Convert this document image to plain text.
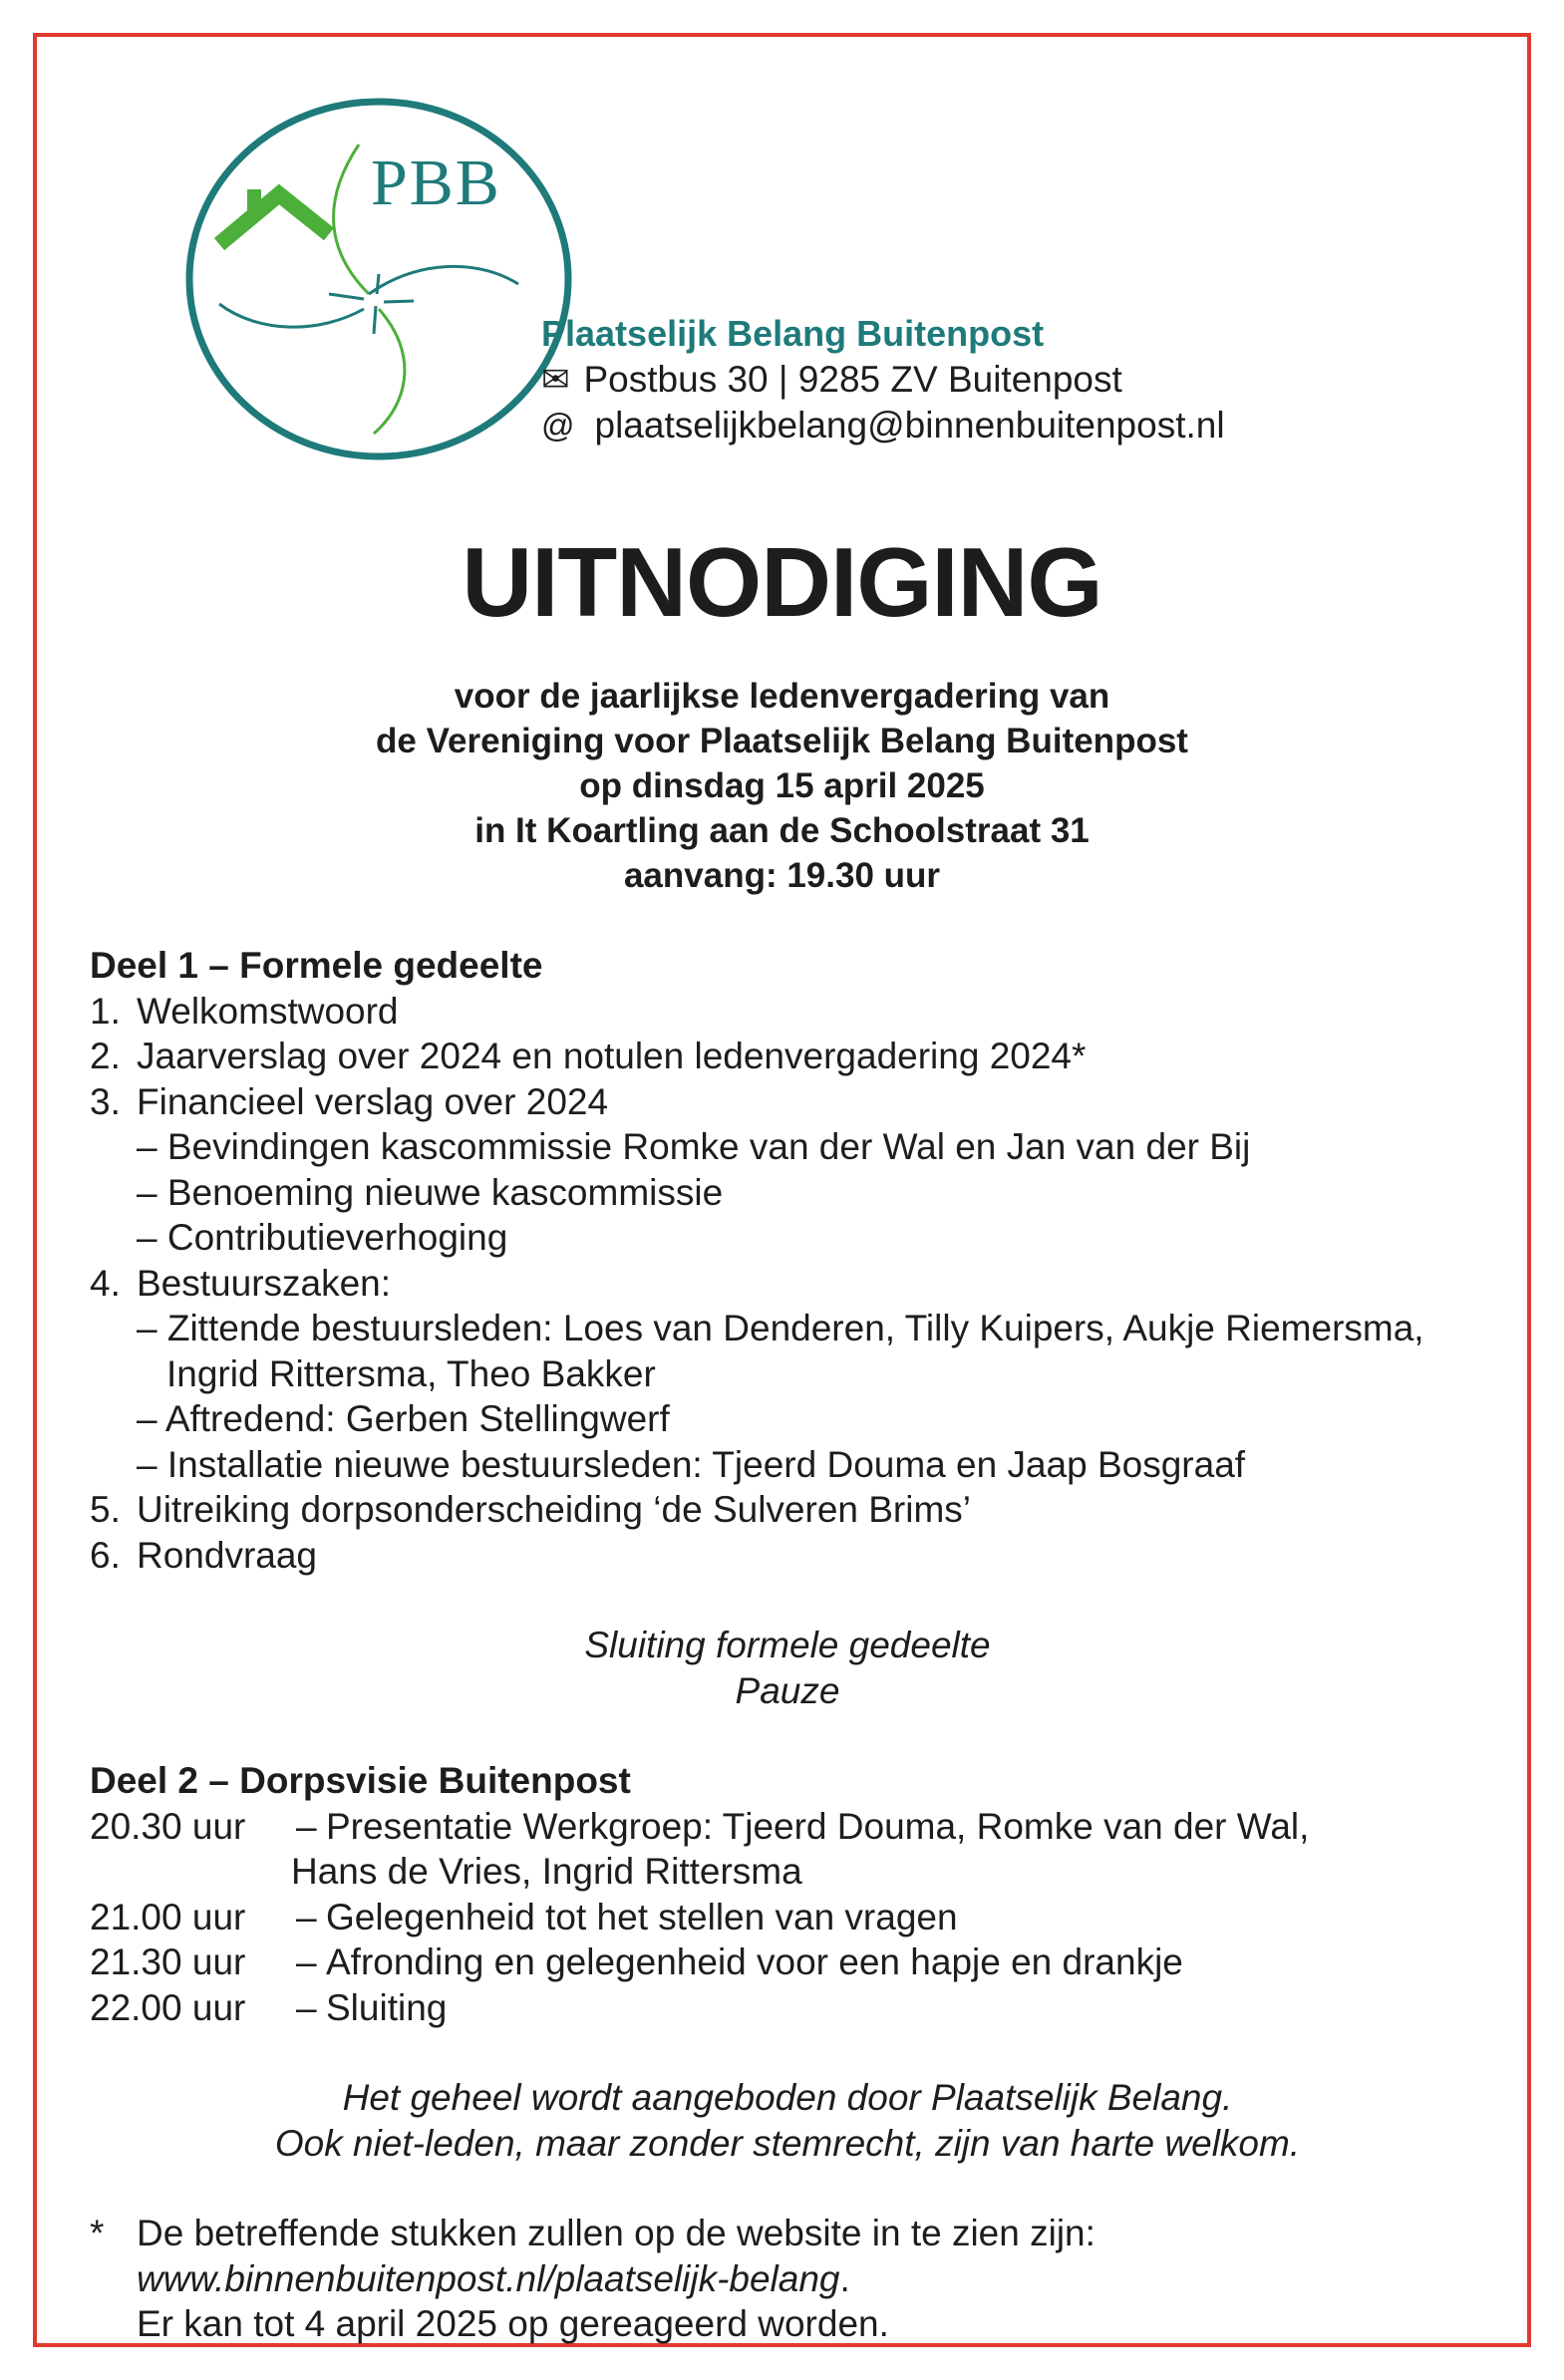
PBB
Plaatselijk Belang Buitenpost
✉ Postbus 30 | 9285 ZV Buitenpost
@ plaatselijkbelang@binnenbuitenpost.nl
UITNODIGING
voor de jaarlijkse ledenvergadering van
de Vereniging voor Plaatselijk Belang Buitenpost
op dinsdag 15 april 2025
in It Koartling aan de Schoolstraat 31
aanvang: 19.30 uur
Deel 1 – Formele gedeelte
1. Welkomstwoord
2. Jaarverslag over 2024 en notulen ledenvergadering 2024*
3. Financieel verslag over 2024
– Bevindingen kascommissie Romke van der Wal en Jan van der Bij
– Benoeming nieuwe kascommissie
– Contributieverhoging
4. Bestuurszaken:
– Zittende bestuursleden: Loes van Denderen, Tilly Kuipers, Aukje Riemersma,
Ingrid Rittersma, Theo Bakker
– Aftredend: Gerben Stellingwerf
– Installatie nieuwe bestuursleden: Tjeerd Douma en Jaap Bosgraaf
5. Uitreiking dorpsonderscheiding ‘de Sulveren Brims’
6. Rondvraag
Sluiting formele gedeelte
Pauze
Deel 2 – Dorpsvisie Buitenpost
20.30 uur	– Presentatie Werkgroep: Tjeerd Douma, Romke van der Wal,
Hans de Vries, Ingrid Rittersma
21.00 uur	– Gelegenheid tot het stellen van vragen
21.30 uur	– Afronding en gelegenheid voor een hapje en drankje
22.00 uur	– Sluiting
Het geheel wordt aangeboden door Plaatselijk Belang.
Ook niet-leden, maar zonder stemrecht, zijn van harte welkom.
* De betreffende stukken zullen op de website in te zien zijn:
www.binnenbuitenpost.nl/plaatselijk-belang.
Er kan tot 4 april 2025 op gereageerd worden.
